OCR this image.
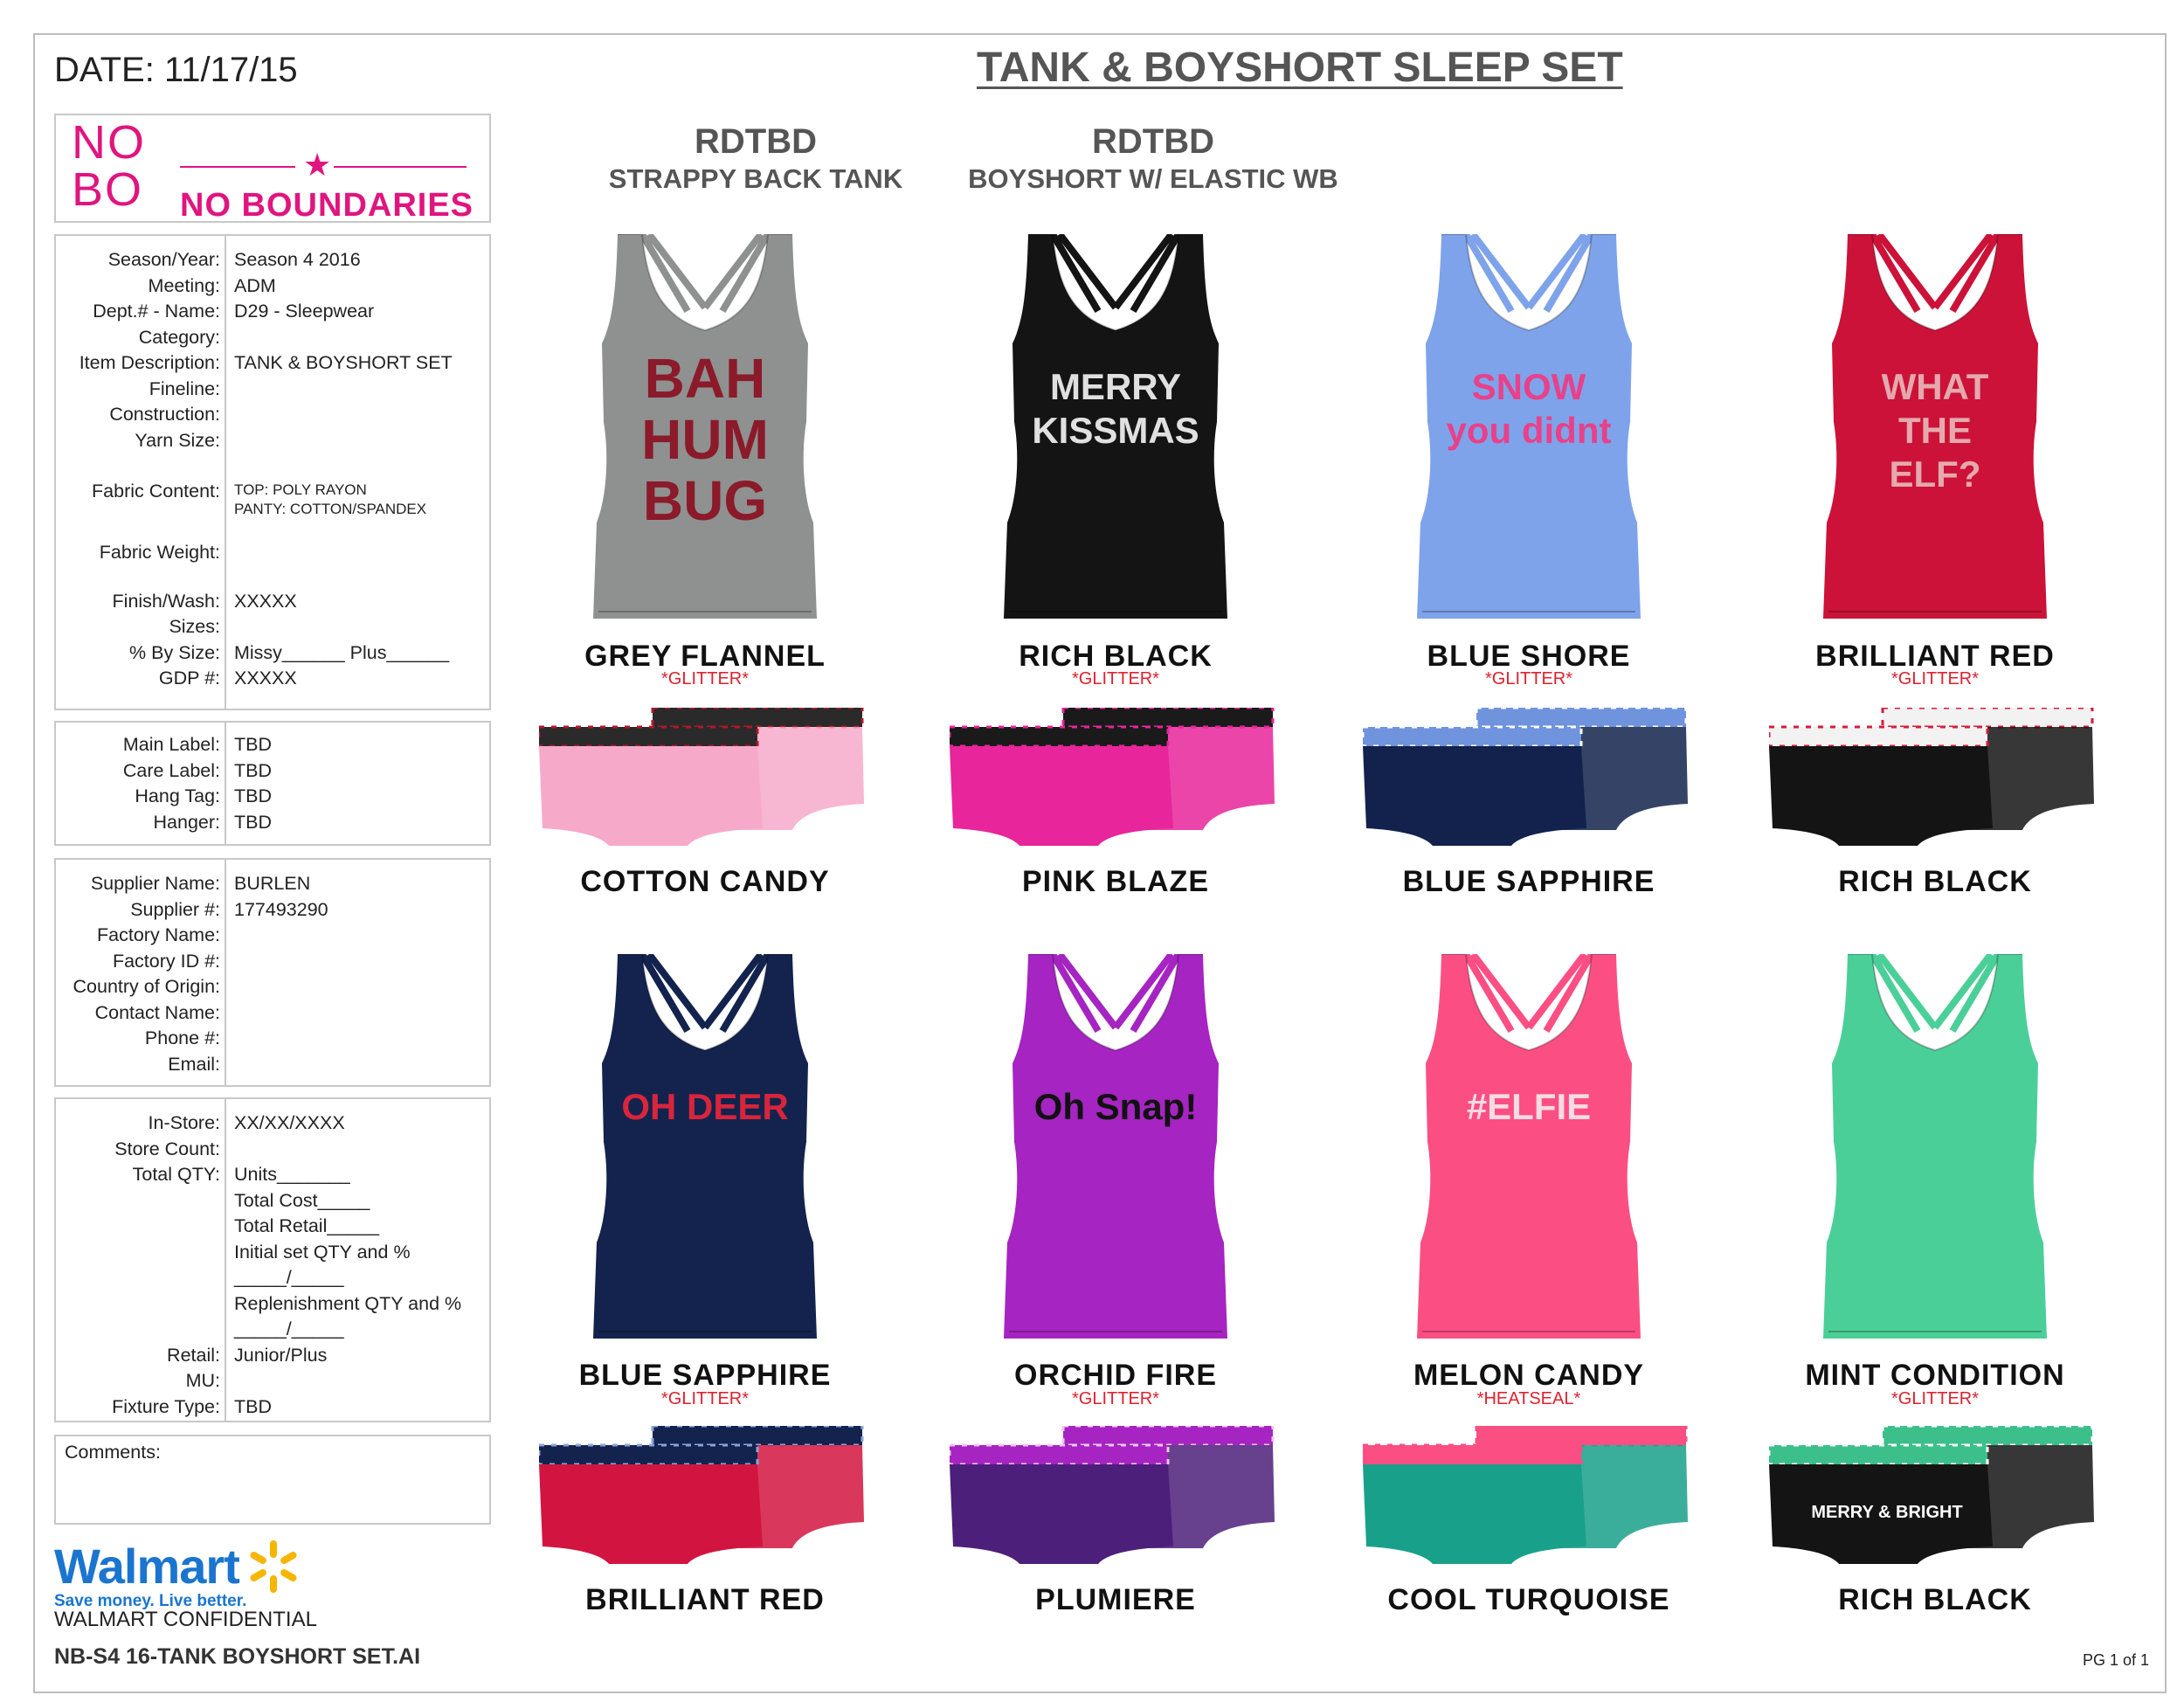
DATE: 11/17/15
NO
BO	★
NO BOUNDARIES
Season/Year: Season 4 2016
Meeting: ADM
Dept.# - Name: D29 - Sleepwear
Category:
Item Description: TANK & BOYSHORT SET
Fineline:
Construction:
Yarn Size:
Fabric Content: TOP: POLY RAYON
PANTY: COTTON/SPANDEX
Fabric Weight:
Finish/Wash: XXXXX
Sizes:
% By Size: Missy______ Plus______
GDP #: XXXXX
Main Label: TBD
Care Label: TBD
Hang Tag: TBD
Hanger: TBD
Supplier Name: BURLEN
Supplier #: 177493290
Factory Name:
Factory ID #:
Country of Origin:
Contact Name:
Phone #:
Email:
In-Store: XX/XX/XXXX
Store Count:
Total QTY: Units_______
Total Cost_____
Total Retail_____
Initial set QTY and %
_____/_____
Replenishment QTY and %
_____/_____
Retail: Junior/Plus
MU:
Fixture Type: TBD
Comments:
Walmart
Save money. Live better.
WALMART CONFIDENTIAL
NB-S4 16-TANK BOYSHORT SET.AI	PG 1 of 1
TANK & BOYSHORT SLEEP SET
RDTBD
STRAPPY BACK TANK
RDTBD
BOYSHORT W/ ELASTIC WB
BAH HUM BUG
GREY FLANNEL
*GLITTER*
COTTON CANDY
MERRY KISSMAS
RICH BLACK
*GLITTER*
PINK BLAZE
SNOW you didnt
BLUE SHORE
*GLITTER*
BLUE SAPPHIRE
WHAT THE ELF?
BRILLIANT RED
*GLITTER*
RICH BLACK
OH DEER
BLUE SAPPHIRE
*GLITTER*
BRILLIANT RED
Oh Snap!
ORCHID FIRE
*GLITTER*
PLUMIERE
#ELFIE
MELON CANDY
*HEATSEAL*
COOL TURQUOISE
MINT CONDITION
*GLITTER*
MERRY & BRIGHT
RICH BLACK
